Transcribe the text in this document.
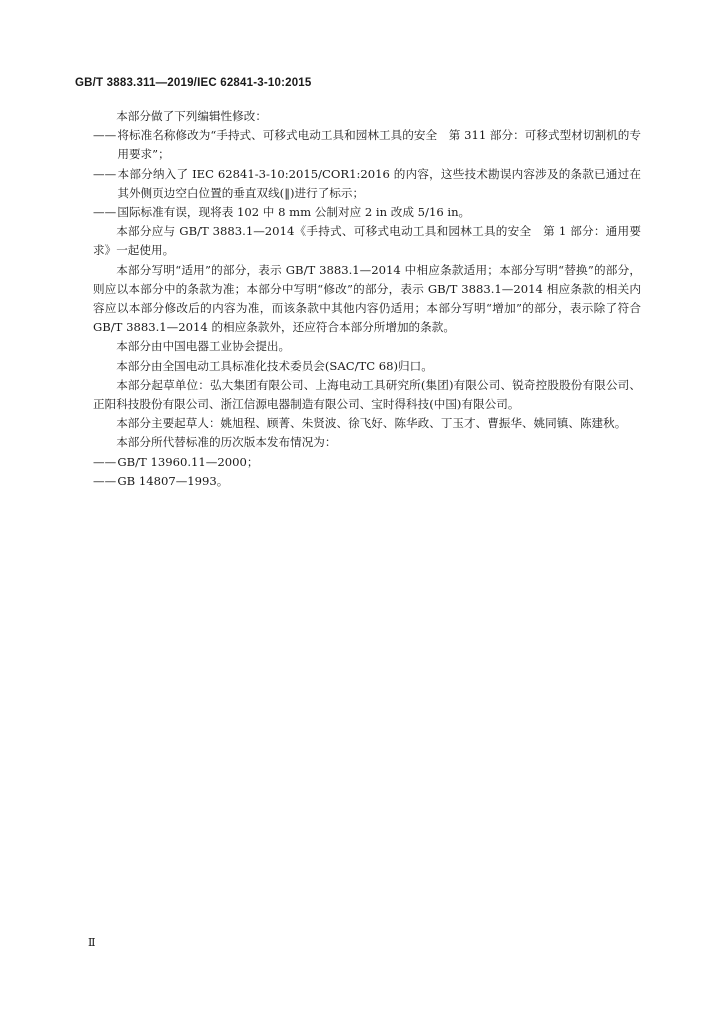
GB/T 3883.311—2019/IEC 62841-3-10:2015

本部分做了下列编辑性修改：

——将标准名称修改为“手持式、可移式电动工具和园林工具的安全　第 311 部分：可移式型材切割机的专用要求”；

——本部分纳入了 IEC 62841-3-10:2015/COR1:2016 的内容，这些技术勘误内容涉及的条款已通过在其外侧页边空白位置的垂直双线(‖)进行了标示；

——国际标准有误，现将表 102 中 8 mm 公制对应 2 in 改成 5/16 in。

本部分应与 GB/T 3883.1—2014《手持式、可移式电动工具和园林工具的安全　第 1 部分：通用要求》一起使用。

本部分写明“适用”的部分，表示 GB/T 3883.1—2014 中相应条款适用；本部分写明“替换”的部分，则应以本部分中的条款为准；本部分中写明“修改”的部分，表示 GB/T 3883.1—2014 相应条款的相关内容应以本部分修改后的内容为准，而该条款中其他内容仍适用；本部分写明“增加”的部分，表示除了符合 GB/T 3883.1—2014 的相应条款外，还应符合本部分所增加的条款。

本部分由中国电器工业协会提出。

本部分由全国电动工具标准化技术委员会(SAC/TC 68)归口。

本部分起草单位：弘大集团有限公司、上海电动工具研究所(集团)有限公司、锐奇控股股份有限公司、正阳科技股份有限公司、浙江信源电器制造有限公司、宝时得科技(中国)有限公司。

本部分主要起草人：姚旭程、顾菁、朱贤波、徐飞好、陈华政、丁玉才、曹振华、姚同镇、陈建秋。

本部分所代替标准的历次版本发布情况为：

——GB/T 13960.11—2000；

——GB 14807—1993。

Ⅱ
